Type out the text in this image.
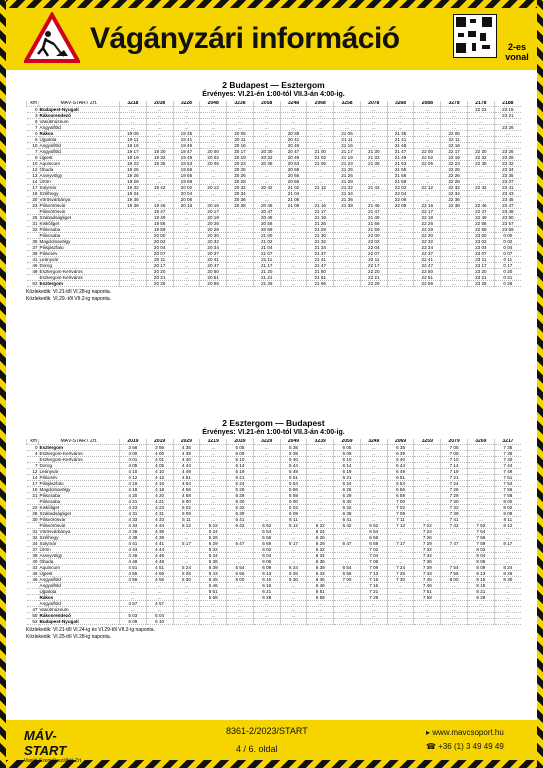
Vágányzári információ	2-es
vonal
2 Budapest — Esztergom
Érvényes: VI.21-én 1:00-tól VII.3-án 4:00-ig.
km	MÁV-START Zrt.	3218	2038	3228	2048	3238	2058	3248	2068	3258	2078	3268	2088	3278	2178	2188
0	Budapest-Nyugati	...	...	...	...	...	...	...	...	...	...	...	...	...	22 21	23 15
3	Rákosrendező	...	...	...	...	...	...	...	...	...	...	...	...	...	...	23 21
6	Vasútmúzeum	...	...	...	...	...	...	...	...	...	...	...	...	...	...	...
7	Angyalföld	...	...	...	...	...	...	...	...	...	...	...	...	...	...	23 26
0	Rákos	19 05	...	19 35	...	20 05	...	20 35	...	21 05	...	21 35	...	22 05	...	...
6	Újpalota	19 11	...	19 41	...	20 11	...	20 41	...	21 11	...	21 41	...	22 11	...	...
10	Angyalföld	19 16	...	19 46	...	20 16	...	20 46	...	21 16	...	21 46	...	22 16	...	...
7	Angyalföld	19 17	19 30	19 47	20 00	20 17	20 30	20 47	21 00	21 17	21 30	21 47	22 00	22 17	22 30	23 26
8	Újpest	19 19	19 32	19 49	20 02	20 19	20 32	20 49	21 02	21 19	21 32	21 49	22 02	22 19	22 32	23 28
10	Aquincum	19 23	19 35	19 53	20 05	20 23	20 35	20 53	21 05	21 23	21 35	21 53	22 05	22 23	22 36	23 32
12	Óbuda	19 25	...	19 55	...	20 25	...	20 55	...	21 25	...	21 55	...	22 25	...	23 34
13	Aranyvölgy	19 26	...	19 56	...	20 26	...	20 56	...	21 26	...	21 56	...	22 26	...	23 35
14	Üröm	19 28	...	19 58	...	20 28	...	20 58	...	21 28	...	21 58	...	22 28	...	23 37
17	Solymár	19 32	19 42	20 02	20 12	20 32	20 42	21 02	21 12	21 32	21 42	22 02	22 12	22 32	22 42	23 41
18	Szélhegy	19 34	...	20 04	...	20 34	...	21 04	...	21 34	...	22 04	...	22 34	...	23 43
20	Vörösvárbánya	19 36	...	20 06	...	20 36	...	21 06	...	21 36	...	22 06	...	22 36	...	23 45
23	Pilisvörösvár	19 38	19 46	20 16	20 16	20 38	20 46	21 08	21 16	21 38	21 46	22 08	22 16	22 38	22 46	23 47
	Pilisvörösvár	...	19 47	...	20 17	...	20 47	...	21 17	...	21 47	...	22 17	...	22 47	23 48
25	Szabadságliget	...	19 49	...	20 19	...	20 49	...	21 19	...	21 49	...	22 19	...	22 49	23 50
31	Kiskőliget	...	19 56	...	20 26	...	20 56	...	21 26	...	21 56	...	22 26	...	22 56	23 57
32	Piliscsaba	...	19 59	...	20 28	...	20 59	...	21 29	...	21 59	...	22 29	...	22 59	23 59
	Piliscsaba	...	20 00	...	20 30	...	21 00	...	21 30	...	22 00	...	22 30	...	23 00	0 00
35	Magdolnavölgy	...	20 02	...	20 32	...	21 02	...	21 32	...	22 02	...	22 32	...	23 02	0 02
37	Pilisjászfalu	...	20 04	...	20 34	...	21 04	...	21 34	...	22 04	...	22 34	...	23 04	0 04
39	Piliscsév	...	20 07	...	20 37	...	21 07	...	21 37	...	22 07	...	22 37	...	23 07	0 07
41	Leányvár	...	20 11	...	20 41	...	21 11	...	21 41	...	22 11	...	22 41	...	23 11	0 11
46	Dorog	...	20 17	...	20 47	...	21 17	...	21 47	...	22 17	...	22 47	...	23 17	0 17
49	Esztergom-Kertváros	...	20 20	...	20 50	...	21 20	...	21 50	...	22 20	...	22 50	...	23 20	0 20
	Esztergom-Kertváros	...	20 21	...	20 51	...	21 21	...	21 51	...	22 21	...	22 51	...	23 21	0 21
53	Esztergom	...	20 26	...	20 56	...	21 26	...	21 56	...	22 26	...	22 56	...	23 26	0 26
Közlekedik: VI.21-től VI.28-ig naponta.
Közlekedik: VI.29.-től VII.2-ig naponta.
2 Esztergom — Budapest
Érvényes: VI.21-én 1:00-tól VII.3-án 4:00-ig.
km	MÁV-START Zrt.	2019	2019	2029	3219	2039	3229	2049	3239	2059	3249	2069	3259	2079	3269	3217
0	Esztergom	3 56	3 56	4 35	...	5 05	...	5 35	...	6 05	...	6 35	...	7 05	...	7 35
4	Esztergom-Kertváros	4 00	4 00	4 39	...	5 09	...	5 39	...	6 09	...	6 39	...	7 09	...	7 39
	Esztergom-Kertváros	4 01	4 01	4 40	...	5 10	...	5 40	...	6 10	...	6 40	...	7 10	...	7 40
7	Dorog	4 05	4 05	4 44	...	5 14	...	5 44	...	6 14	...	6 44	...	7 14	...	7 44
12	Leányvár	4 10	4 10	4 49	...	5 19	...	5 49	...	6 19	...	6 49	...	7 19	...	7 49
14	Piliscsév	4 12	4 12	4 51	...	5 21	...	5 51	...	6 21	...	6 51	...	7 21	...	7 51
17	Pilisjászfalu	4 16	4 16	4 54	...	5 24	...	5 54	...	6 24	...	6 54	...	7 24	...	7 54
19	Magdolnavölgy	4 18	4 18	4 56	...	5 26	...	5 56	...	6 26	...	6 56	...	7 26	...	7 56
21	Piliscsaba	4 20	4 20	4 58	...	5 29	...	5 59	...	6 29	...	6 59	...	7 29	...	7 58
	Piliscsaba	4 21	4 21	5 00	...	5 30	...	6 00	...	6 30	...	7 00	...	7 30	...	8 00
22	Kiskőliget	4 23	4 23	5 02	...	5 32	...	6 02	...	6 32	...	7 02	...	7 32	...	8 02
28	Szabadságliget	4 31	4 31	5 09	...	5 39	...	6 09	...	6 39	...	7 09	...	7 39	...	8 09
30	Pilisvörösvár	4 33	4 33	5 11	...	5 41	...	6 11	...	6 41	...	7 11	...	7 41	...	8 11
	Pilisvörösvár	4 34	4 34	5 12	5 22	5 42	5 52	6 12	6 22	6 42	6 52	7 12	7 22	7 42	7 52	8 12
31	Vörösvárbánya	4 36	4 36	...	5 24	...	5 54	...	6 24	...	6 54	...	7 24	...	7 54	...
32	Szélhegy	4 38	4 38	...	5 26	...	5 56	...	6 26	...	6 56	...	7 26	...	7 56	...
34	Solymár	4 41	4 41	5 17	5 29	5 47	5 59	6 17	6 29	6 47	6 59	7 17	7 29	7 47	7 59	8 17
37	Üröm	4 44	4 44	...	5 32	...	6 02	...	6 32	...	7 02	...	7 32	...	8 02	...
39	Aranyvölgy	4 46	4 46	...	5 34	...	6 04	...	6 34	...	7 04	...	7 34	...	8 04	...
40	Óbuda	4 48	4 48	...	5 36	...	6 06	...	6 36	...	7 06	...	7 36	...	8 06	...
43	Aquincum	4 51	4 51	5 24	5 39	5 54	6 09	6 24	6 39	6 54	7 09	7 24	7 39	7 54	8 09	8 24
45	Újpest	4 55	4 55	5 26	5 43	5 56	6 13	6 26	6 43	6 56	7 13	7 26	7 43	7 56	8 13	8 26
46	Angyalföld	4 56	4 56	5 30	5 45	6 00	6 15	6 30	6 45	7 00	7 15	7 30	7 45	8 00	8 15	8 30
	Angyalföld	...	...	...	5 46	...	6 16	...	6 46	...	7 16	...	7 46	...	8 16	...
	Újpalota	...	...	...	5 51	...	6 21	...	6 51	...	7 21	...	7 51	...	8 21	...
	Rákos	...	...	...	5 58	...	6 28	...	6 58	...	7 28	...	7 58	...	8 28	...
	Angyalföld	4 57	4 57	...	...	...	...	...	...	...	...	...	...	...	...	...
47	Vasútmúzeum	...	...	...	...	...	...	...	...	...	...	...	...	...	...	...
50	Rákosrendező	5 03	5 04	...	...	...	...	...	...	...	...	...	...	...	...	...
53	Budapest-Nyugati	5 09	5 10	...	...	...	...	...	...	...	...	...	...	...	...	...
Közlekedik: VI.21-től VI.24-ig és VI.29-től VII.2-ig naponta.
Közlekedik: VI.25-től VI.28-ig naponta.
MÁV-START
Vasúti Személyszállító Zrt.
8361-2/2023/START
4 / 6. oldal
▸ www.mavcsoport.hu
☎ +36 (1) 3 49 49 49
